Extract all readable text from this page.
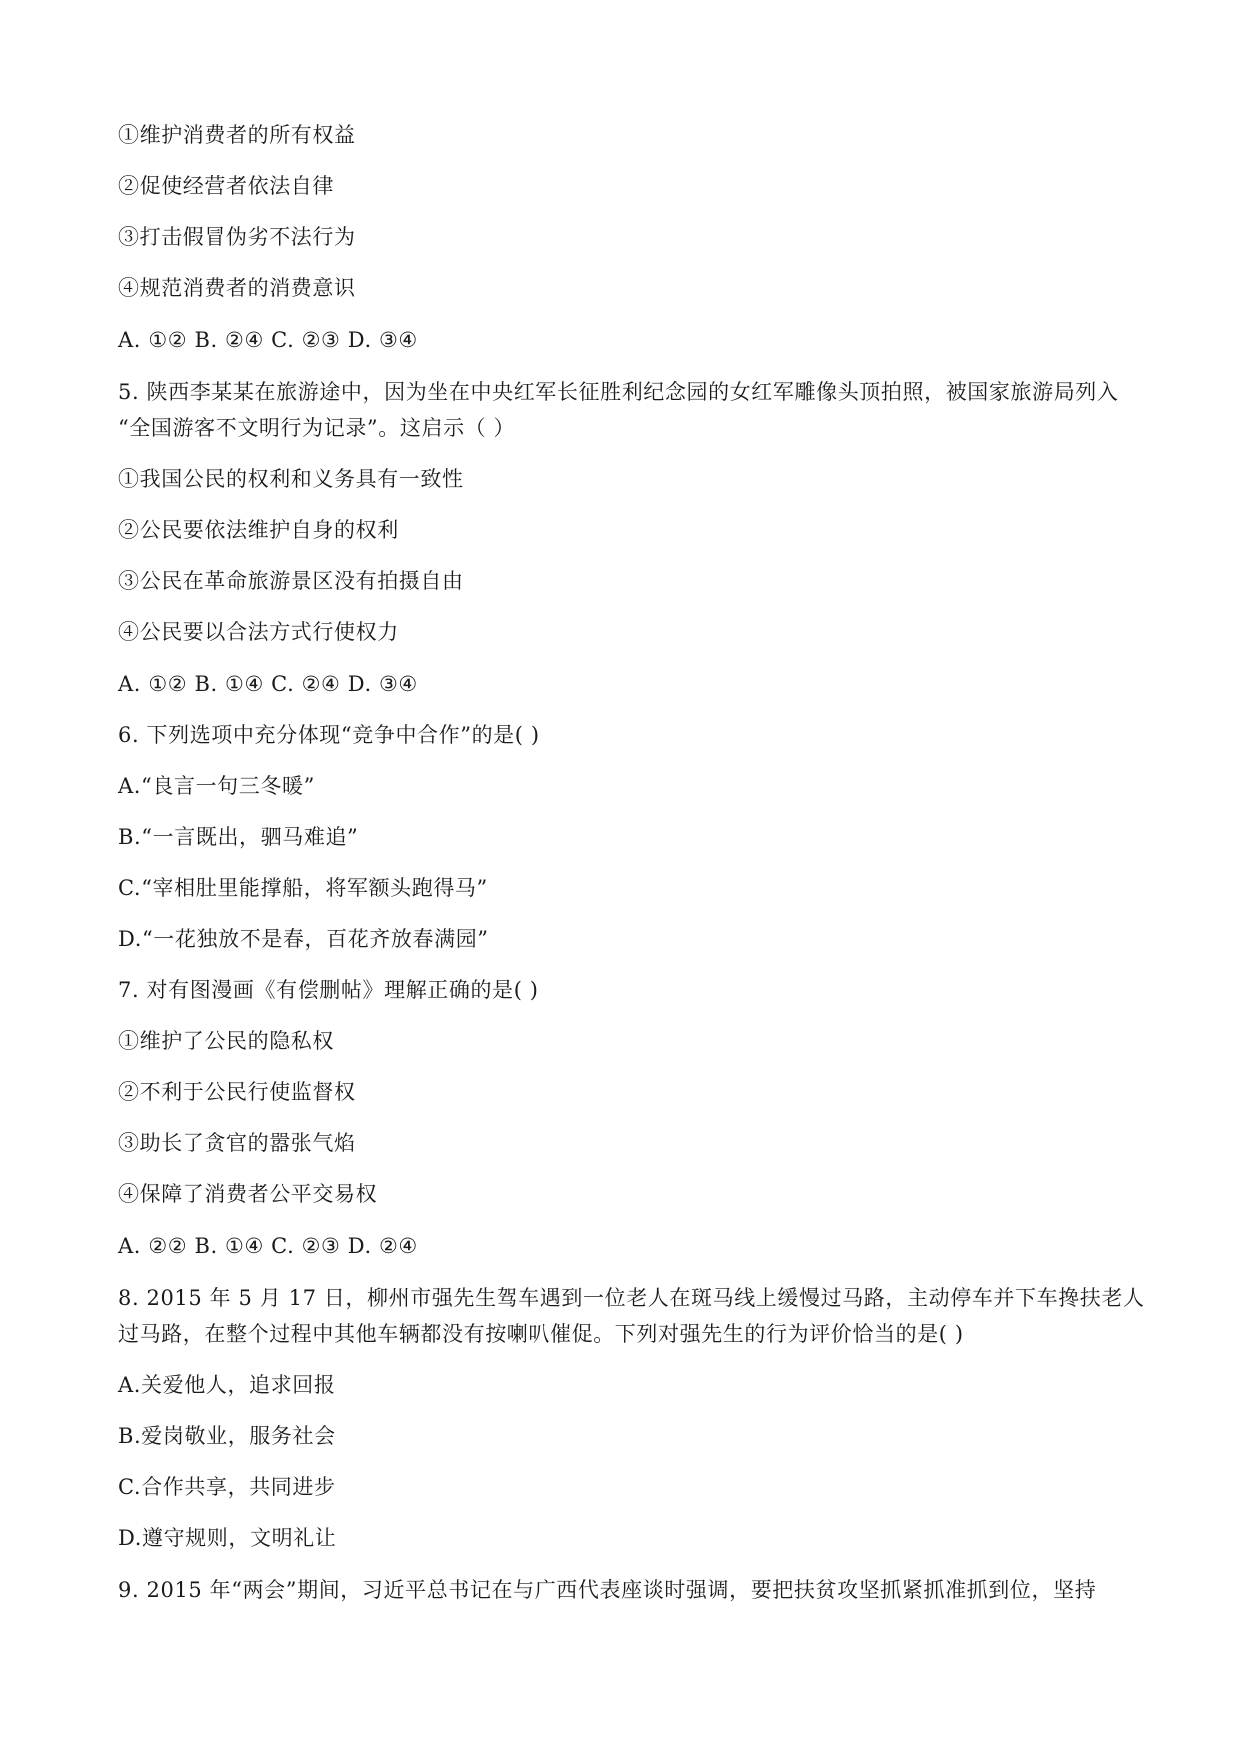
①维护消费者的所有权益
②促使经营者依法自律
③打击假冒伪劣不法行为
④规范消费者的消费意识
A. ①② B. ②④ C. ②③ D. ③④
5. 陕西李某某在旅游途中，因为坐在中央红军长征胜利纪念园的女红军雕像头顶拍照，被国家旅游局列入
“全国游客不文明行为记录”。这启示（ ）
①我国公民的权利和义务具有一致性
②公民要依法维护自身的权利
③公民在革命旅游景区没有拍摄自由
④公民要以合法方式行使权力
A. ①② B. ①④ C. ②④ D. ③④
6. 下列选项中充分体现“竞争中合作”的是( )
A.“良言一句三冬暖”
B.“一言既出，驷马难追”
C.“宰相肚里能撑船，将军额头跑得马”
D.“一花独放不是春，百花齐放春满园”
7. 对有图漫画《有偿删帖》理解正确的是( )
①维护了公民的隐私权
②不利于公民行使监督权
③助长了贪官的嚣张气焰
④保障了消费者公平交易权
A. ②② B. ①④ C. ②③ D. ②④
8. 2015 年 5 月 17 日，柳州市强先生驾车遇到一位老人在斑马线上缓慢过马路，主动停车并下车搀扶老人
过马路，在整个过程中其他车辆都没有按喇叭催促。下列对强先生的行为评价恰当的是( )
A.关爱他人，追求回报
B.爱岗敬业，服务社会
C.合作共享，共同进步
D.遵守规则，文明礼让
9. 2015 年“两会”期间，习近平总书记在与广西代表座谈时强调，要把扶贫攻坚抓紧抓准抓到位，坚持
